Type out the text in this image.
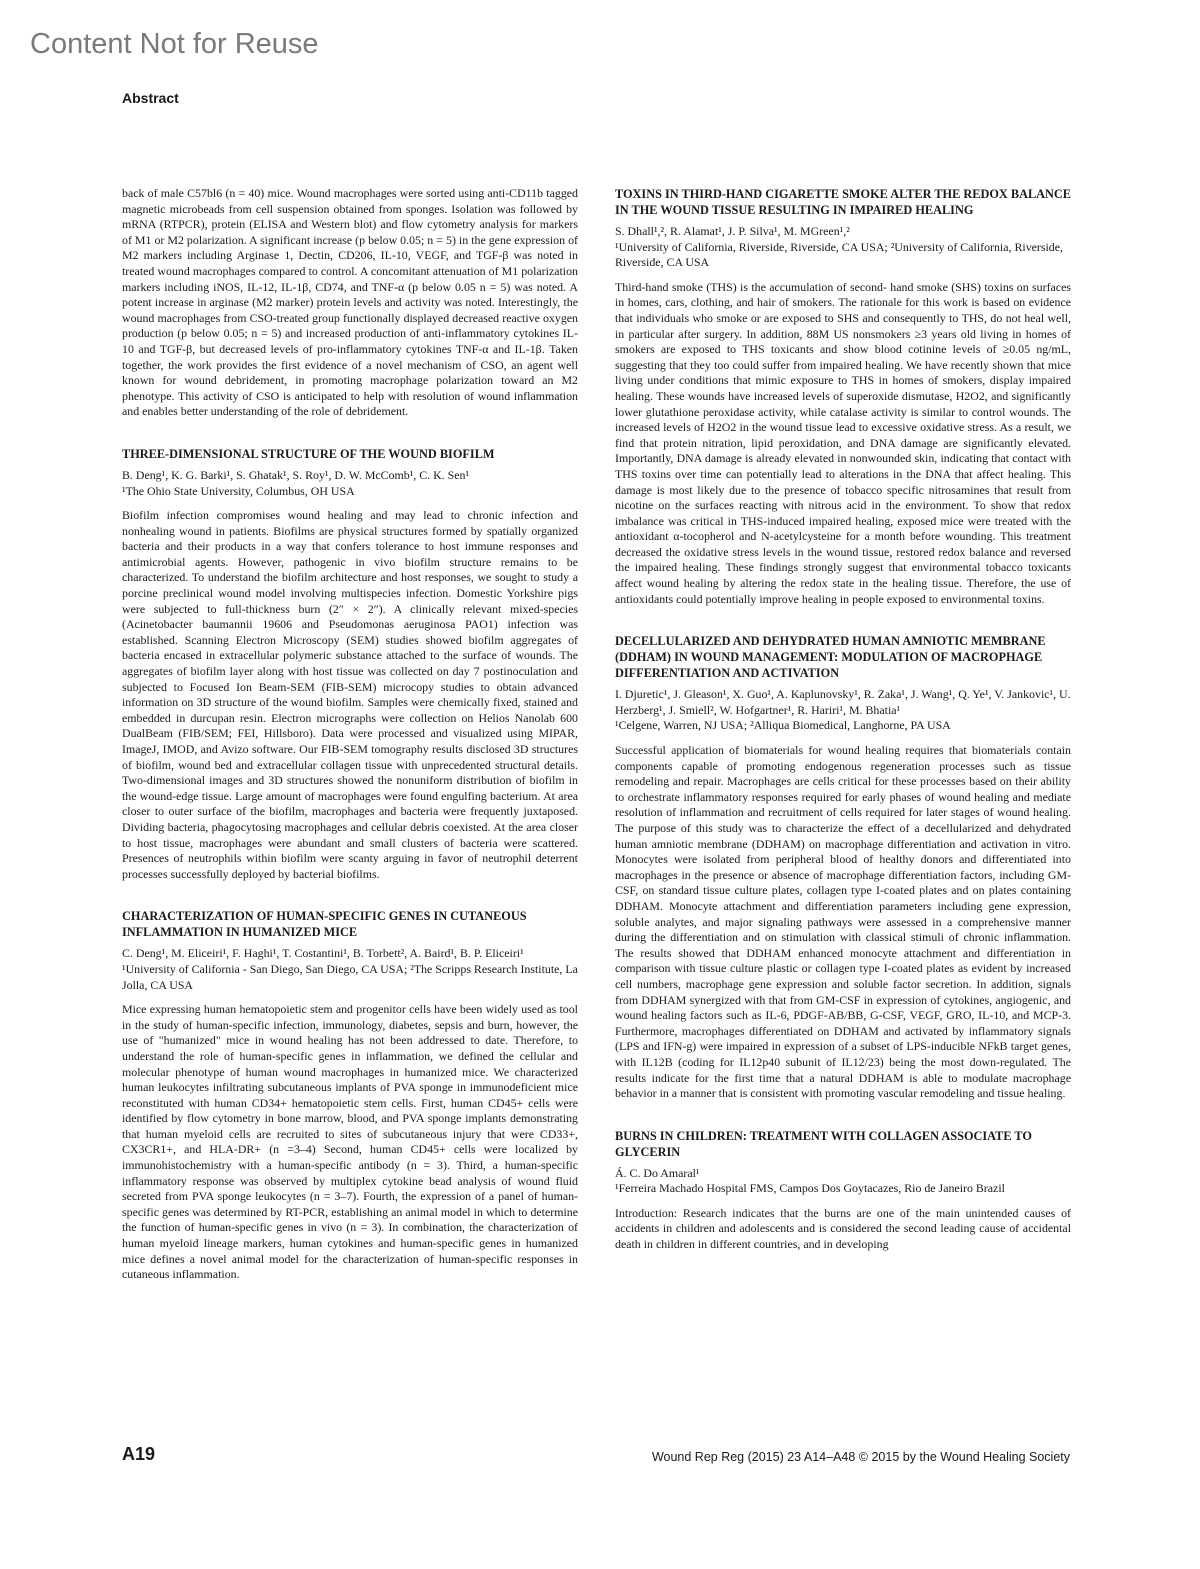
Content Not for Reuse
Abstract

back of male C57bl6 (n = 40) mice. Wound macrophages were sorted using anti-CD11b tagged magnetic microbeads from cell suspension obtained from sponges. Isolation was followed by mRNA (RTPCR), protein (ELISA and Western blot) and flow cytometry analysis for markers of M1 or M2 polarization. A significant increase (p below 0.05; n = 5) in the gene expression of M2 markers including Arginase 1, Dectin, CD206, IL-10, VEGF, and TGF-β was noted in treated wound macrophages compared to control. A concomitant attenuation of M1 polarization markers including iNOS, IL-12, IL-1β, CD74, and TNF-α (p below 0.05 n = 5) was noted. A potent increase in arginase (M2 marker) protein levels and activity was noted. Interestingly, the wound macrophages from CSO-treated group functionally displayed decreased reactive oxygen production (p below 0.05; n = 5) and increased production of anti-inflammatory cytokines IL-10 and TGF-β, but decreased levels of pro-inflammatory cytokines TNF-α and IL-1β. Taken together, the work provides the first evidence of a novel mechanism of CSO, an agent well known for wound debridement, in promoting macrophage polarization toward an M2 phenotype. This activity of CSO is anticipated to help with resolution of wound inflammation and enables better understanding of the role of debridement.

THREE-DIMENSIONAL STRUCTURE OF THE WOUND BIOFILM

B. Deng¹, K. G. Barki¹, S. Ghatak¹, S. Roy¹, D. W. McComb¹, C. K. Sen¹

¹The Ohio State University, Columbus, OH USA

Biofilm infection compromises wound healing and may lead to chronic infection and nonhealing wound in patients. Biofilms are physical structures formed by spatially organized bacteria and their products in a way that confers tolerance to host immune responses and antimicrobial agents. However, pathogenic in vivo biofilm structure remains to be characterized. To understand the biofilm architecture and host responses, we sought to study a porcine preclinical wound model involving multispecies infection. Domestic Yorkshire pigs were subjected to full-thickness burn (2″ × 2″). A clinically relevant mixed-species (Acinetobacter baumannii 19606 and Pseudomonas aeruginosa PAO1) infection was established. Scanning Electron Microscopy (SEM) studies showed biofilm aggregates of bacteria encased in extracellular polymeric substance attached to the surface of wounds. The aggregates of biofilm layer along with host tissue was collected on day 7 postinoculation and subjected to Focused Ion Beam-SEM (FIB-SEM) microcopy studies to obtain advanced information on 3D structure of the wound biofilm. Samples were chemically fixed, stained and embedded in durcupan resin. Electron micrographs were collection on Helios Nanolab 600 DualBeam (FIB/SEM; FEI, Hillsboro). Data were processed and visualized using MIPAR, ImageJ, IMOD, and Avizo software. Our FIB-SEM tomography results disclosed 3D structures of biofilm, wound bed and extracellular collagen tissue with unprecedented structural details. Two-dimensional images and 3D structures showed the nonuniform distribution of biofilm in the wound-edge tissue. Large amount of macrophages were found engulfing bacterium. At area closer to outer surface of the biofilm, macrophages and bacteria were frequently juxtaposed. Dividing bacteria, phagocytosing macrophages and cellular debris coexisted. At the area closer to host tissue, macrophages were abundant and small clusters of bacteria were scattered. Presences of neutrophils within biofilm were scanty arguing in favor of neutrophil deterrent processes successfully deployed by bacterial biofilms.

CHARACTERIZATION OF HUMAN-SPECIFIC GENES IN CUTANEOUS INFLAMMATION IN HUMANIZED MICE

C. Deng¹, M. Eliceiri¹, F. Haghi¹, T. Costantini¹, B. Torbett², A. Baird¹, B. P. Eliceiri¹

¹University of California - San Diego, San Diego, CA USA; ²The Scripps Research Institute, La Jolla, CA USA

Mice expressing human hematopoietic stem and progenitor cells have been widely used as tool in the study of human-specific infection, immunology, diabetes, sepsis and burn, however, the use of "humanized" mice in wound healing has not been addressed to date. Therefore, to understand the role of human-specific genes in inflammation, we defined the cellular and molecular phenotype of human wound macrophages in humanized mice. We characterized human leukocytes infiltrating subcutaneous implants of PVA sponge in immunodeficient mice reconstituted with human CD34+ hematopoietic stem cells. First, human CD45+ cells were identified by flow cytometry in bone marrow, blood, and PVA sponge implants demonstrating that human myeloid cells are recruited to sites of subcutaneous injury that were CD33+, CX3CR1+, and HLA-DR+ (n =3–4) Second, human CD45+ cells were localized by immunohistochemistry with a human-specific antibody (n = 3). Third, a human-specific inflammatory response was observed by multiplex cytokine bead analysis of wound fluid secreted from PVA sponge leukocytes (n = 3–7). Fourth, the expression of a panel of human-specific genes was determined by RT-PCR, establishing an animal model in which to determine the function of human-specific genes in vivo (n = 3). In combination, the characterization of human myeloid lineage markers, human cytokines and human-specific genes in humanized mice defines a novel animal model for the characterization of human-specific responses in cutaneous inflammation.

TOXINS IN THIRD-HAND CIGARETTE SMOKE ALTER THE REDOX BALANCE IN THE WOUND TISSUE RESULTING IN IMPAIRED HEALING

S. Dhall¹,², R. Alamat¹, J. P. Silva¹, M. MGreen¹,²

¹University of California, Riverside, Riverside, CA USA; ²University of California, Riverside, Riverside, CA USA

Third-hand smoke (THS) is the accumulation of second- hand smoke (SHS) toxins on surfaces in homes, cars, clothing, and hair of smokers. The rationale for this work is based on evidence that individuals who smoke or are exposed to SHS and consequently to THS, do not heal well, in particular after surgery. In addition, 88M US nonsmokers ≥3 years old living in homes of smokers are exposed to THS toxicants and show blood cotinine levels of ≥0.05 ng/mL, suggesting that they too could suffer from impaired healing. We have recently shown that mice living under conditions that mimic exposure to THS in homes of smokers, display impaired healing. These wounds have increased levels of superoxide dismutase, H2O2, and significantly lower glutathione peroxidase activity, while catalase activity is similar to control wounds. The increased levels of H2O2 in the wound tissue lead to excessive oxidative stress. As a result, we find that protein nitration, lipid peroxidation, and DNA damage are significantly elevated. Importantly, DNA damage is already elevated in nonwounded skin, indicating that contact with THS toxins over time can potentially lead to alterations in the DNA that affect healing. This damage is most likely due to the presence of tobacco specific nitrosamines that result from nicotine on the surfaces reacting with nitrous acid in the environment. To show that redox imbalance was critical in THS-induced impaired healing, exposed mice were treated with the antioxidant α-tocopherol and N-acetylcysteine for a month before wounding. This treatment decreased the oxidative stress levels in the wound tissue, restored redox balance and reversed the impaired healing. These findings strongly suggest that environmental tobacco toxicants affect wound healing by altering the redox state in the healing tissue. Therefore, the use of antioxidants could potentially improve healing in people exposed to environmental toxins.

DECELLULARIZED AND DEHYDRATED HUMAN AMNIOTIC MEMBRANE (DDHAM) IN WOUND MANAGEMENT: MODULATION OF MACROPHAGE DIFFERENTIATION AND ACTIVATION

I. Djuretic¹, J. Gleason¹, X. Guo¹, A. Kaplunovsky¹, R. Zaka¹, J. Wang¹, Q. Ye¹, V. Jankovic¹, U. Herzberg¹, J. Smiell², W. Hofgartner¹, R. Hariri¹, M. Bhatia¹

¹Celgene, Warren, NJ USA; ²Alliqua Biomedical, Langhorne, PA USA

Successful application of biomaterials for wound healing requires that biomaterials contain components capable of promoting endogenous regeneration processes such as tissue remodeling and repair. Macrophages are cells critical for these processes based on their ability to orchestrate inflammatory responses required for early phases of wound healing and mediate resolution of inflammation and recruitment of cells required for later stages of wound healing. The purpose of this study was to characterize the effect of a decellularized and dehydrated human amniotic membrane (DDHAM) on macrophage differentiation and activation in vitro. Monocytes were isolated from peripheral blood of healthy donors and differentiated into macrophages in the presence or absence of macrophage differentiation factors, including GM-CSF, on standard tissue culture plates, collagen type I-coated plates and on plates containing DDHAM. Monocyte attachment and differentiation parameters including gene expression, soluble analytes, and major signaling pathways were assessed in a comprehensive manner during the differentiation and on stimulation with classical stimuli of chronic inflammation. The results showed that DDHAM enhanced monocyte attachment and differentiation in comparison with tissue culture plastic or collagen type I-coated plates as evident by increased cell numbers, macrophage gene expression and soluble factor secretion. In addition, signals from DDHAM synergized with that from GM-CSF in expression of cytokines, angiogenic, and wound healing factors such as IL-6, PDGF-AB/BB, G-CSF, VEGF, GRO, IL-10, and MCP-3. Furthermore, macrophages differentiated on DDHAM and activated by inflammatory signals (LPS and IFN-g) were impaired in expression of a subset of LPS-inducible NFkB target genes, with IL12B (coding for IL12p40 subunit of IL12/23) being the most down-regulated. The results indicate for the first time that a natural DDHAM is able to modulate macrophage behavior in a manner that is consistent with promoting vascular remodeling and tissue healing.

BURNS IN CHILDREN: TREATMENT WITH COLLAGEN ASSOCIATE TO GLYCERIN

Á. C. Do Amaral¹

¹Ferreira Machado Hospital FMS, Campos Dos Goytacazes, Rio de Janeiro Brazil

Introduction: Research indicates that the burns are one of the main unintended causes of accidents in children and adolescents and is considered the second leading cause of accidental death in children in different countries, and in developing

A19	Wound Rep Reg (2015) 23 A14–A48 © 2015 by the Wound Healing Society
